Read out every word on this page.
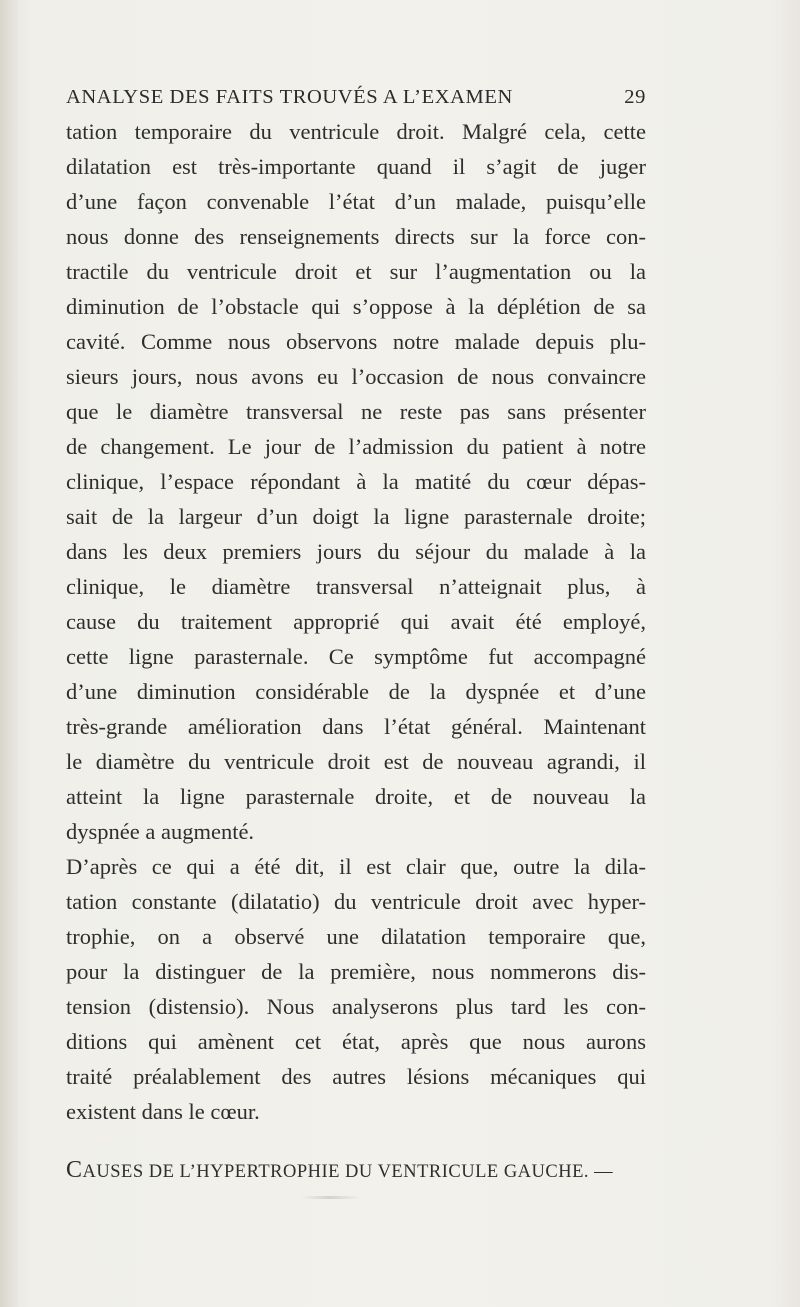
ANALYSE DES FAITS TROUVÉS A L’EXAMEN	29
tation temporaire du ventricule droit. Malgré cela, cette
dilatation est très-importante quand il s’agit de juger
d’une façon convenable l’état d’un malade, puisqu’elle
nous donne des renseignements directs sur la force con-
tractile du ventricule droit et sur l’augmentation ou la
diminution de l’obstacle qui s’oppose à la déplétion de sa
cavité. Comme nous observons notre malade depuis plu-
sieurs jours, nous avons eu l’occasion de nous convaincre
que le diamètre transversal ne reste pas sans présenter
de changement. Le jour de l’admission du patient à notre
clinique, l’espace répondant à la matité du cœur dépas-
sait de la largeur d’un doigt la ligne parasternale droite;
dans les deux premiers jours du séjour du malade à la
clinique, le diamètre transversal n’atteignait plus, à
cause du traitement approprié qui avait été employé,
cette ligne parasternale. Ce symptôme fut accompagné
d’une diminution considérable de la dyspnée et d’une
très-grande amélioration dans l’état général. Maintenant
le diamètre du ventricule droit est de nouveau agrandi, il
atteint la ligne parasternale droite, et de nouveau la
dyspnée a augmenté.
D’après ce qui a été dit, il est clair que, outre la dila-
tation constante (dilatatio) du ventricule droit avec hyper-
trophie, on a observé une dilatation temporaire que,
pour la distinguer de la première, nous nommerons dis-
tension (distensio). Nous analyserons plus tard les con-
ditions qui amènent cet état, après que nous aurons
traité préalablement des autres lésions mécaniques qui
existent dans le cœur.
CAUSES DE L’HYPERTROPHIE DU VENTRICULE GAUCHE. —
